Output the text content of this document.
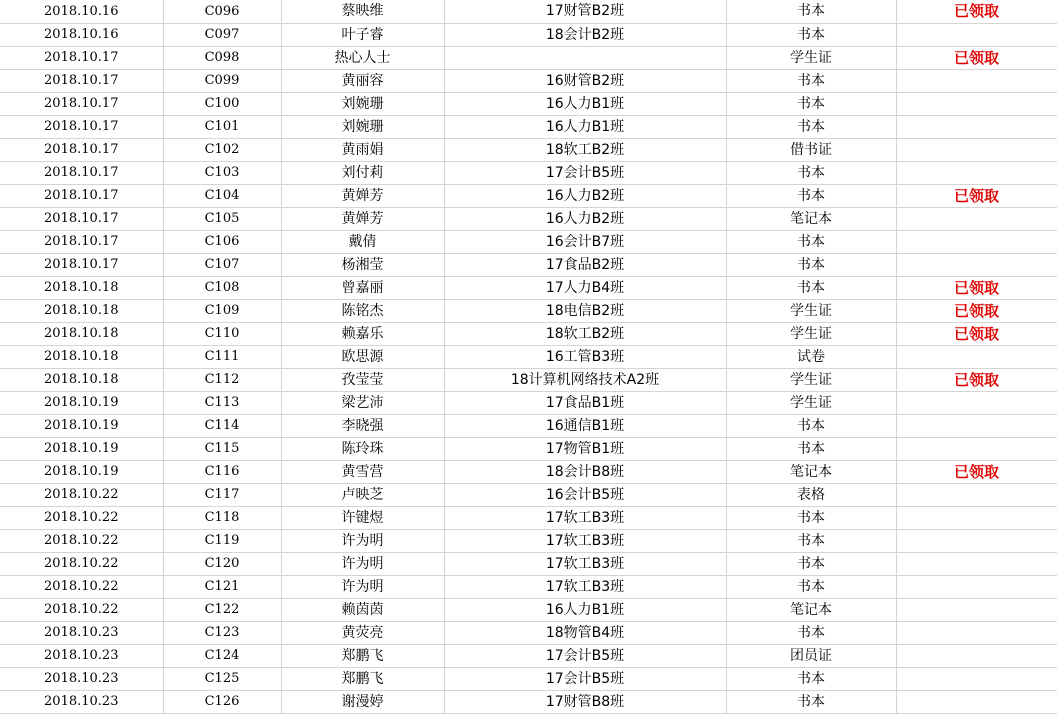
2018.10.16	C096	蔡映维	17财管B2班	书本	已领取
2018.10.16	C097	叶子睿	18会计B2班	书本	
2018.10.17	C098	热心人士		学生证	已领取
2018.10.17	C099	黄丽容	16财管B2班	书本	
2018.10.17	C100	刘婉珊	16人力B1班	书本	
2018.10.17	C101	刘婉珊	16人力B1班	书本	
2018.10.17	C102	黄雨娟	18软工B2班	借书证	
2018.10.17	C103	刘付莉	17会计B5班	书本	
2018.10.17	C104	黄婵芳	16人力B2班	书本	已领取
2018.10.17	C105	黄婵芳	16人力B2班	笔记本	
2018.10.17	C106	戴倩	16会计B7班	书本	
2018.10.17	C107	杨湘莹	17食品B2班	书本	
2018.10.18	C108	曾嘉丽	17人力B4班	书本	已领取
2018.10.18	C109	陈铭杰	18电信B2班	学生证	已领取
2018.10.18	C110	赖嘉乐	18软工B2班	学生证	已领取
2018.10.18	C111	欧思源	16工管B3班	试卷	
2018.10.18	C112	孜莹莹	18计算机网络技术A2班	学生证	已领取
2018.10.19	C113	梁艺沛	17食品B1班	学生证	
2018.10.19	C114	李晓强	16通信B1班	书本	
2018.10.19	C115	陈玲珠	17物管B1班	书本	
2018.10.19	C116	黄雪营	18会计B8班	笔记本	已领取
2018.10.22	C117	卢映芝	16会计B5班	表格	
2018.10.22	C118	许键煜	17软工B3班	书本	
2018.10.22	C119	许为明	17软工B3班	书本	
2018.10.22	C120	许为明	17软工B3班	书本	
2018.10.22	C121	许为明	17软工B3班	书本	
2018.10.22	C122	赖茵茵	16人力B1班	笔记本	
2018.10.23	C123	黄荧亮	18物管B4班	书本	
2018.10.23	C124	郑鹏飞	17会计B5班	团员证	
2018.10.23	C125	郑鹏飞	17会计B5班	书本	
2018.10.23	C126	谢漫婷	17财管B8班	书本	
